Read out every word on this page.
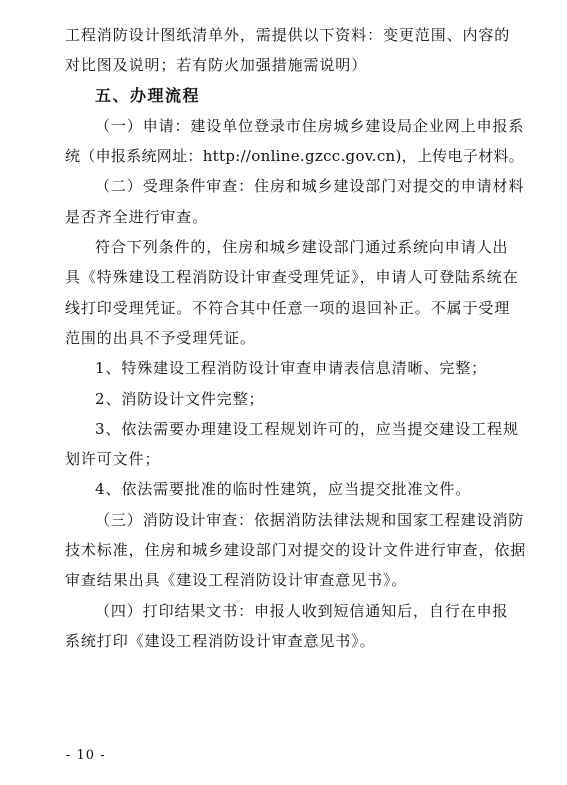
工程消防设计图纸清单外，需提供以下资料：变更范围、内容的

对比图及说明；若有防火加强措施需说明）

五、办理流程

（一）申请：建设单位登录市住房城乡建设局企业网上申报系

统（申报系统网址：http://online.gzcc.gov.cn)，上传电子材料。

（二）受理条件审查：住房和城乡建设部门对提交的申请材料

是否齐全进行审查。

符合下列条件的，住房和城乡建设部门通过系统向申请人出

具《特殊建设工程消防设计审查受理凭证》，申请人可登陆系统在

线打印受理凭证。不符合其中任意一项的退回补正。不属于受理

范围的出具不予受理凭证。

1、特殊建设工程消防设计审查申请表信息清晰、完整；

2、消防设计文件完整；

3、依法需要办理建设工程规划许可的，应当提交建设工程规

划许可文件；

4、依法需要批准的临时性建筑，应当提交批准文件。

（三）消防设计审查：依据消防法律法规和国家工程建设消防

技术标准，住房和城乡建设部门对提交的设计文件进行审查，依据

审查结果出具《建设工程消防设计审查意见书》。

（四）打印结果文书：申报人收到短信通知后，自行在申报

系统打印《建设工程消防设计审查意见书》。

- 10 -
